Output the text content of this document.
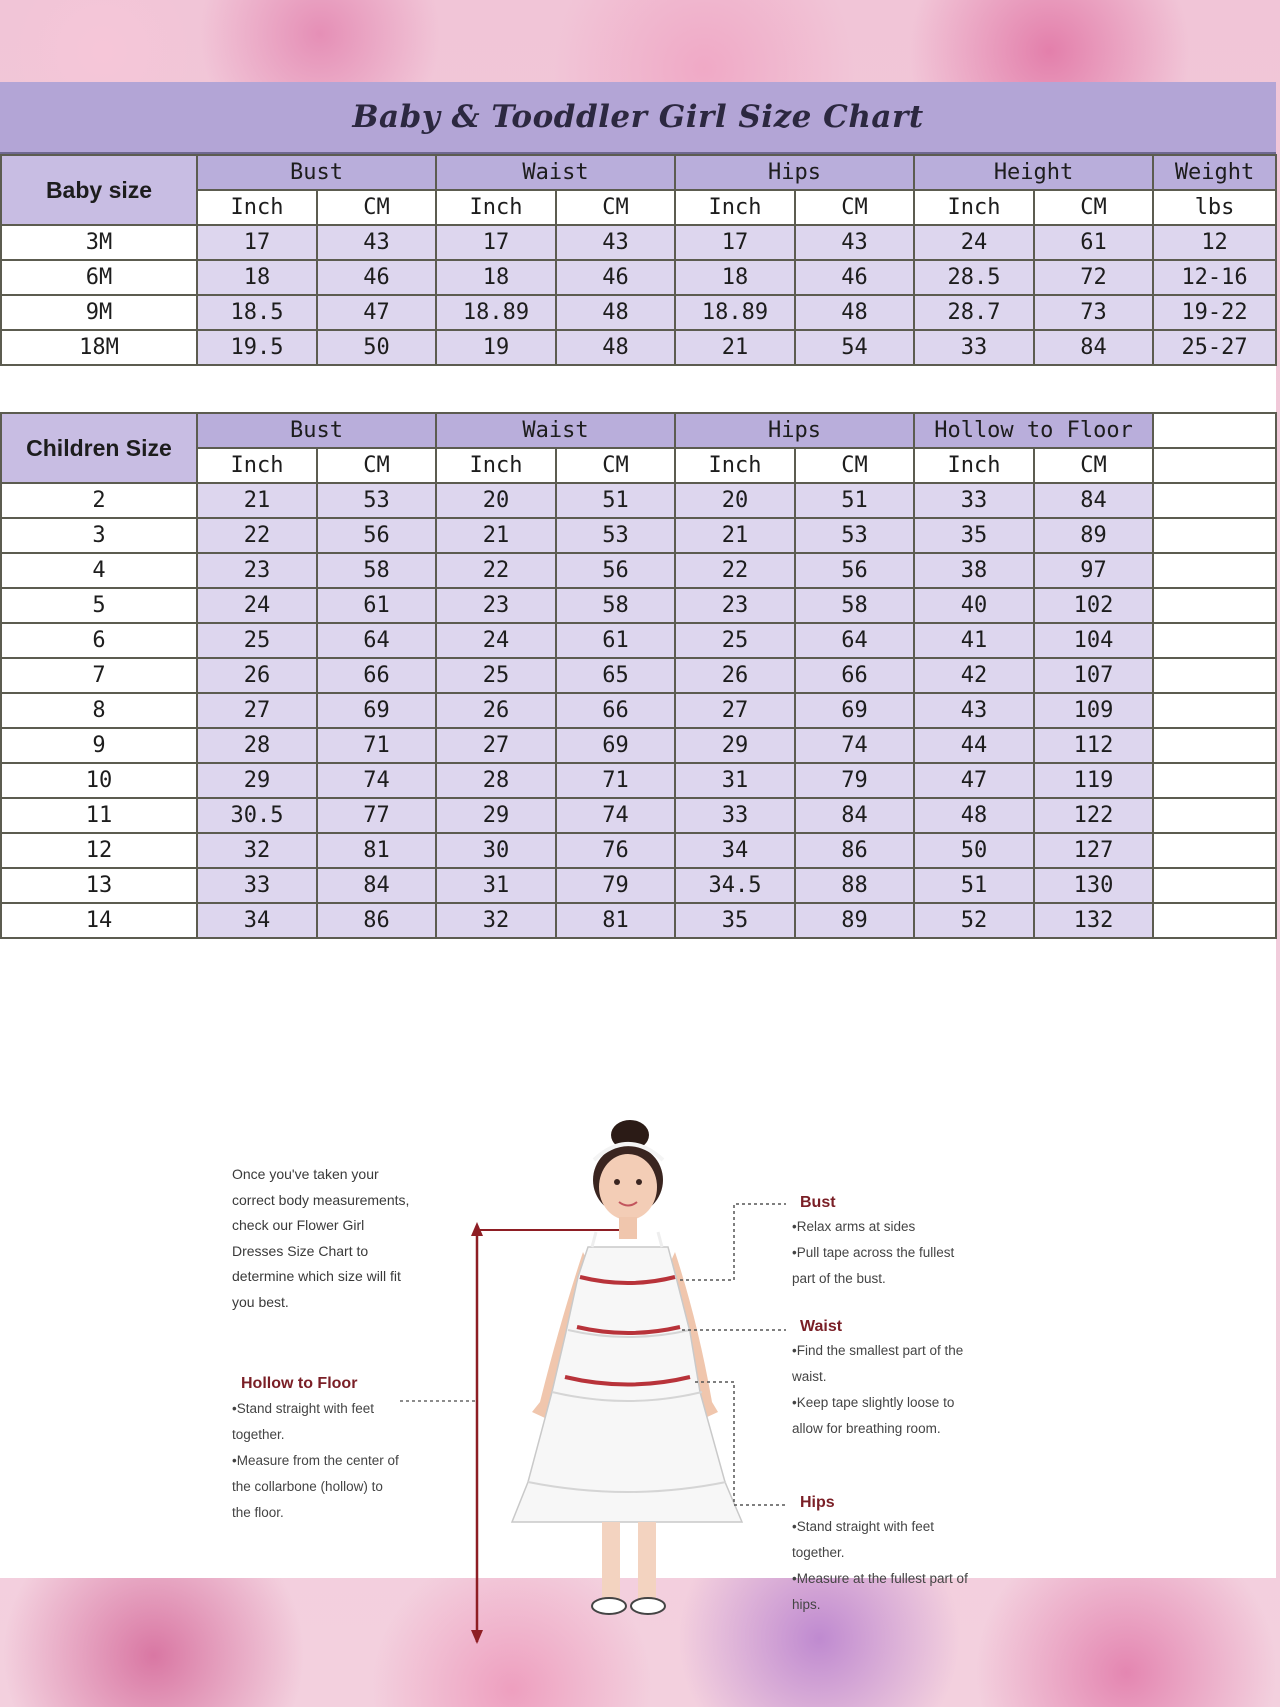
Baby & Tooddler Girl Size Chart
Baby size	Bust		Waist		Hips		Height		Weight
	Inch	CM	Inch	CM	Inch	CM	Inch	CM	lbs
3M	17	43	17	43	17	43	24	61	12
6M	18	46	18	46	18	46	28.5	72	12-16
9M	18.5	47	18.89	48	18.89	48	28.7	73	19-22
18M	19.5	50	19	48	21	54	33	84	25-27
Children Size	Bust		Waist		Hips		Hollow to Floor		
	Inch	CM	Inch	CM	Inch	CM	Inch	CM	
2	21	53	20	51	20	51	33	84	
3	22	56	21	53	21	53	35	89	
4	23	58	22	56	22	56	38	97	
5	24	61	23	58	23	58	40	102	
6	25	64	24	61	25	64	41	104	
7	26	66	25	65	26	66	42	107	
8	27	69	26	66	27	69	43	109	
9	28	71	27	69	29	74	44	112	
10	29	74	28	71	31	79	47	119	
11	30.5	77	29	74	33	84	48	122	
12	32	81	30	76	34	86	50	127	
13	33	84	31	79	34.5	88	51	130	
14	34	86	32	81	35	89	52	132	
Once you've taken your
correct body measurements,
check our Flower Girl
Dresses Size Chart to
determine which size will fit
you best.
Hollow to Floor
•Stand straight with feet
together.
•Measure from the center of
the collarbone (hollow) to
the floor.
Bust
•Relax arms at sides
•Pull tape across the fullest
part of the bust.
Waist
•Find the smallest part of the
waist.
•Keep tape slightly loose to
allow for breathing room.
Hips
•Stand straight with feet
together.
•Measure at the fullest part of
hips.
